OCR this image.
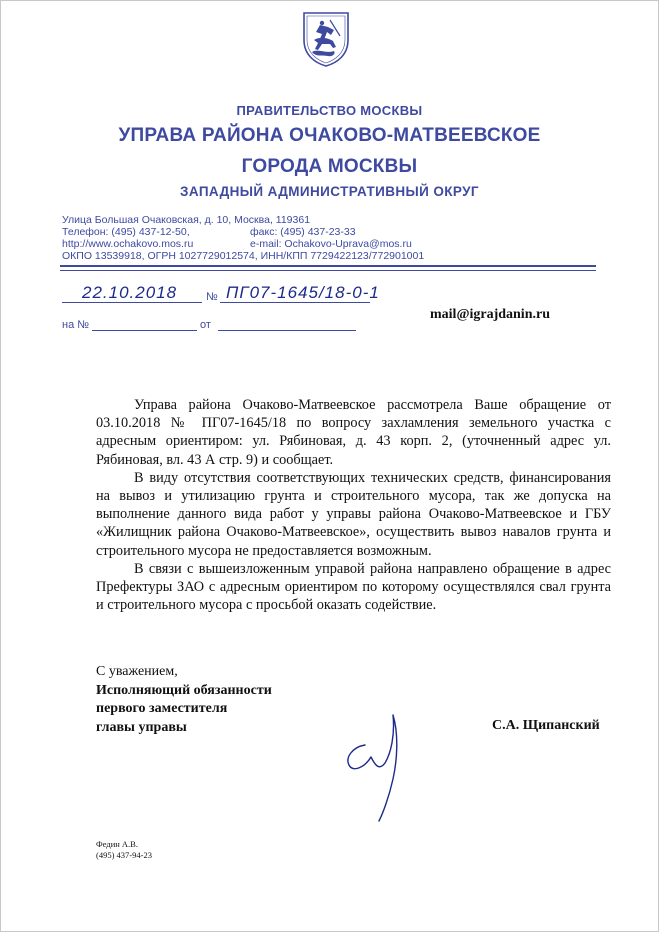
ПРАВИТЕЛЬСТВО МОСКВЫ
УПРАВА РАЙОНА ОЧАКОВО-МАТВЕЕВСКОЕ
ГОРОДА МОСКВЫ
ЗАПАДНЫЙ АДМИНИСТРАТИВНЫЙ ОКРУГ
Улица Большая Очаковская, д. 10, Москва, 119361
Телефон: (495) 437-12-50,	факс: (495) 437-23-33
http://www.ochakovo.mos.ru	e-mail: Ochakovo-Uprava@mos.ru
ОКПО 13539918, ОГРН 1027729012574, ИНН/КПП 7729422123/772901001
22.10.2018	№ ПГ07-1645/18-0-1
на №	от
mail@igrajdanin.ru

Управа района Очаково-Матвеевское рассмотрела Ваше обращение от 03.10.2018 № ПГ07-1645/18 по вопросу захламления земельного участка с адресным ориентиром: ул. Рябиновая, д. 43 корп. 2, (уточненный адрес ул. Рябиновая, вл. 43 А стр. 9) и сообщает.

В виду отсутствия соответствующих технических средств, финансирования на вывоз и утилизацию грунта и строительного мусора, так же допуска на выполнение данного вида работ у управы района Очаково-Матвеевское и ГБУ «Жилищник района Очаково-Матвеевское», осуществить вывоз навалов грунта и строительного мусора не предоставляется возможным.

В связи с вышеизложенным управой района направлено обращение в адрес Префектуры ЗАО с адресным ориентиром по которому осуществлялся свал грунта и строительного мусора с просьбой оказать содействие.

С уважением,
Исполняющий обязанности
первого заместителя
главы управы	С.А. Щипанский
Федин А.В.
(495) 437-94-23
